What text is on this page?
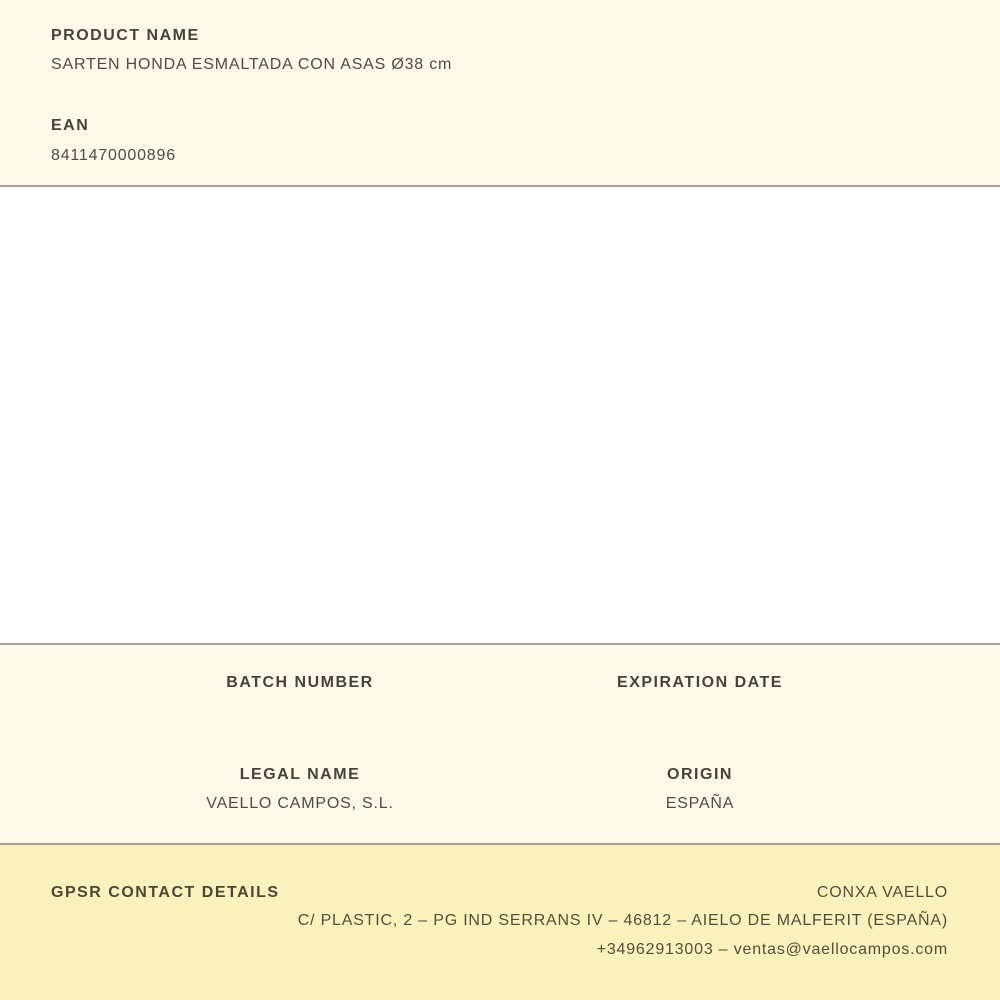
PRODUCT NAME
SARTEN HONDA ESMALTADA CON ASAS Ø38 cm
EAN
8411470000896
BATCH NUMBER	EXPIRATION DATE
LEGAL NAME
VAELLO CAMPOS, S.L.
ORIGIN
ESPAÑA
GPSR CONTACT DETAILS	CONXA VAELLO
C/ PLASTIC, 2 – PG IND SERRANS IV – 46812 – AIELO DE MALFERIT (ESPAÑA)
+34962913003 – ventas@vaellocampos.com
